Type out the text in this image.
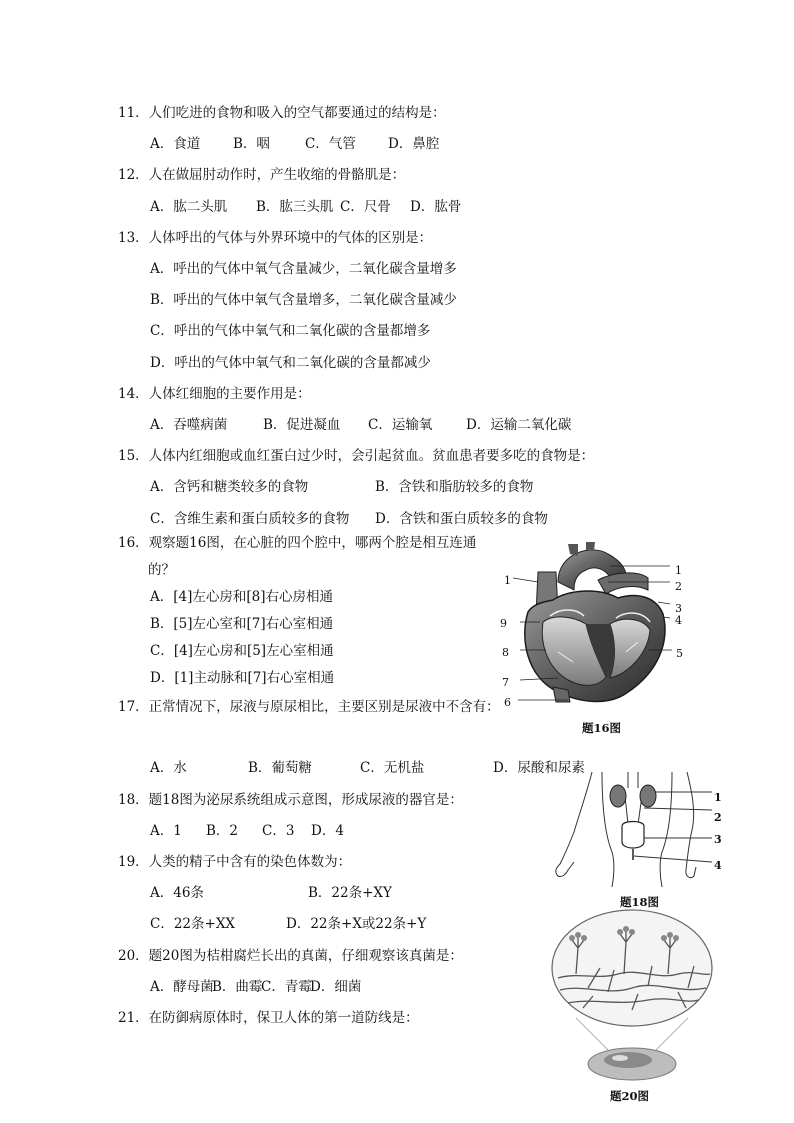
11．人们吃进的食物和吸入的空气都要通过的结构是：
A．食道 B．咽	C．气管 D．鼻腔
12．人在做屈肘动作时，产生收缩的骨骼肌是：
A．肱二头肌 B．肱三头肌 C．尺骨 D．肱骨
13．人体呼出的气体与外界环境中的气体的区别是：
A．呼出的气体中氧气含量减少，二氧化碳含量增多
B．呼出的气体中氧气含量增多，二氧化碳含量减少
C．呼出的气体中氧气和二氧化碳的含量都增多
D．呼出的气体中氧气和二氧化碳的含量都减少
14．人体红细胞的主要作用是：
A．吞噬病菌	B．促进凝血 C．运输氧 D．运输二氧化碳
15．人体内红细胞或血红蛋白过少时，会引起贫血。贫血患者要多吃的食物是：
A．含钙和糖类较多的食物	B．含铁和脂肪较多的食物
C．含维生素和蛋白质较多的食物 D．含铁和蛋白质较多的食物
16．观察题16图，在心脏的四个腔中，哪两个腔是相互连通
的？
A．[4]左心房和[8]右心房相通
B．[5]左心室和[7]右心室相通
C．[4]左心房和[5]左心室相通
D．[1]主动脉和[7]右心室相通
17．正常情况下，尿液与原尿相比，主要区别是尿液中不含有：
A．水	B．葡萄糖	C．无机盐	D．尿酸和尿素
18．题18图为泌尿系统组成示意图，形成尿液的器官是：
A．1 B．2 C．3 D．4
19．人类的精子中含有的染色体数为：
A．46条	B．22条+XY
C．22条+XX	D．22条+X或22条+Y
20．题20图为桔柑腐烂长出的真菌，仔细观察该真菌是：
A．酵母菌
B．曲霉
C．青霉
D．细菌
21．在防御病原体时，保卫人体的第一道防线是：
题16图
题18图
题20图
1
2
3
4
5
6
7
8
9
1
1
2
3
4
